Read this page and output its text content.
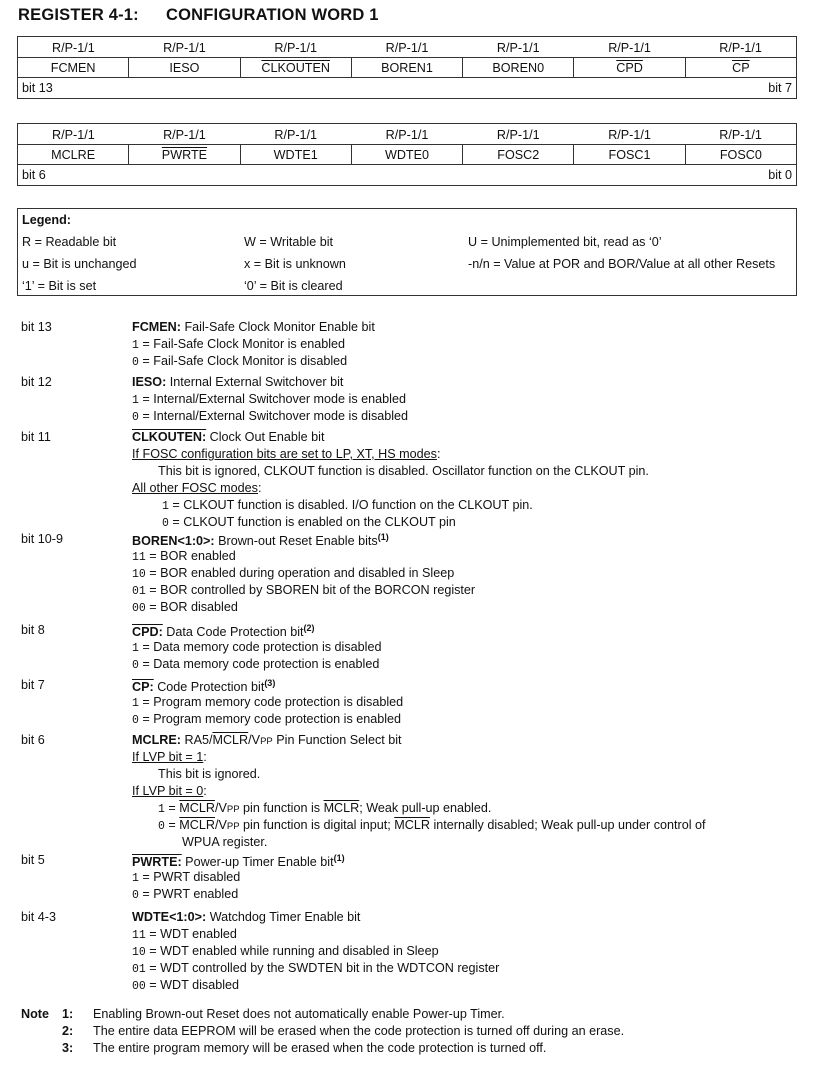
REGISTER 4-1: CONFIGURATION WORD 1
R/P-1/1	R/P-1/1	R/P-1/1	R/P-1/1	R/P-1/1	R/P-1/1	R/P-1/1
FCMEN	IESO	CLKOUTEN	BOREN1	BOREN0	$\overline{CPD}$	$\overline{CP}$

bit 13 bit 7						
R/P-1/1	R/P-1/1	R/P-1/1	R/P-1/1	R/P-1/1	R/P-1/1	R/P-1/1
MCLRE	PWRTE	WDTE1	WDTE0	FOSC2	FOSC1	FOSC0

bit 6 bit 0						
Legend:
R = Readable bit	W = Writable bit	U = Unimplemented bit, read as ‘0’
u = Bit is unchanged	x = Bit is unknown	-n/n = Value at POR and BOR/Value at all other Resets
‘1’ = Bit is set	‘0’ = Bit is cleared
bit 13	FCMEN: Fail-Safe Clock Monitor Enable bit
1 = Fail-Safe Clock Monitor is enabled
0 = Fail-Safe Clock Monitor is disabled
bit 12	IESO: Internal External Switchover bit
1 = Internal/External Switchover mode is enabled
0 = Internal/External Switchover mode is disabled
bit 11	CLKOUTEN: Clock Out Enable bit
If FOSC configuration bits are set to LP, XT, HS modes:
This bit is ignored, CLKOUT function is disabled. Oscillator function on the CLKOUT pin.
All other FOSC modes:
1 = CLKOUT function is disabled. I/O function on the CLKOUT pin.
0 = CLKOUT function is enabled on the CLKOUT pin
bit 10-9	BOREN<1:0>: Brown-out Reset Enable bits$^{(1)}$
11 = BOR enabled
10 = BOR enabled during operation and disabled in Sleep
01 = BOR controlled by SBOREN bit of the BORCON register
00 = BOR disabled
bit 8	CPD: Data Code Protection bit$^{(2)}$
1 = Data memory code protection is disabled
0 = Data memory code protection is enabled
bit 7	CP: Code Protection bit$^{(3)}$
1 = Program memory code protection is disabled
0 = Program memory code protection is enabled
bit 6	MCLRE: RA5/MCLR/VPP Pin Function Select bit
If LVP bit = 1:
This bit is ignored.
If LVP bit = 0:
1 = MCLR/VPP pin function is MCLR; Weak pull-up enabled.
0 = MCLR/VPP pin function is digital input; MCLR internally disabled; Weak pull-up under control of
WPUA register.
bit 5	PWRTE: Power-up Timer Enable bit$^{(1)}$
1 = PWRT disabled
0 = PWRT enabled
bit 4-3	WDTE<1:0>: Watchdog Timer Enable bit
11 = WDT enabled
10 = WDT enabled while running and disabled in Sleep
01 = WDT controlled by the SWDTEN bit in the WDTCON register
00 = WDT disabled
Note 1: Enabling Brown-out Reset does not automatically enable Power-up Timer.
2: The entire data EEPROM will be erased when the code protection is turned off during an erase.
3: The entire program memory will be erased when the code protection is turned off.
